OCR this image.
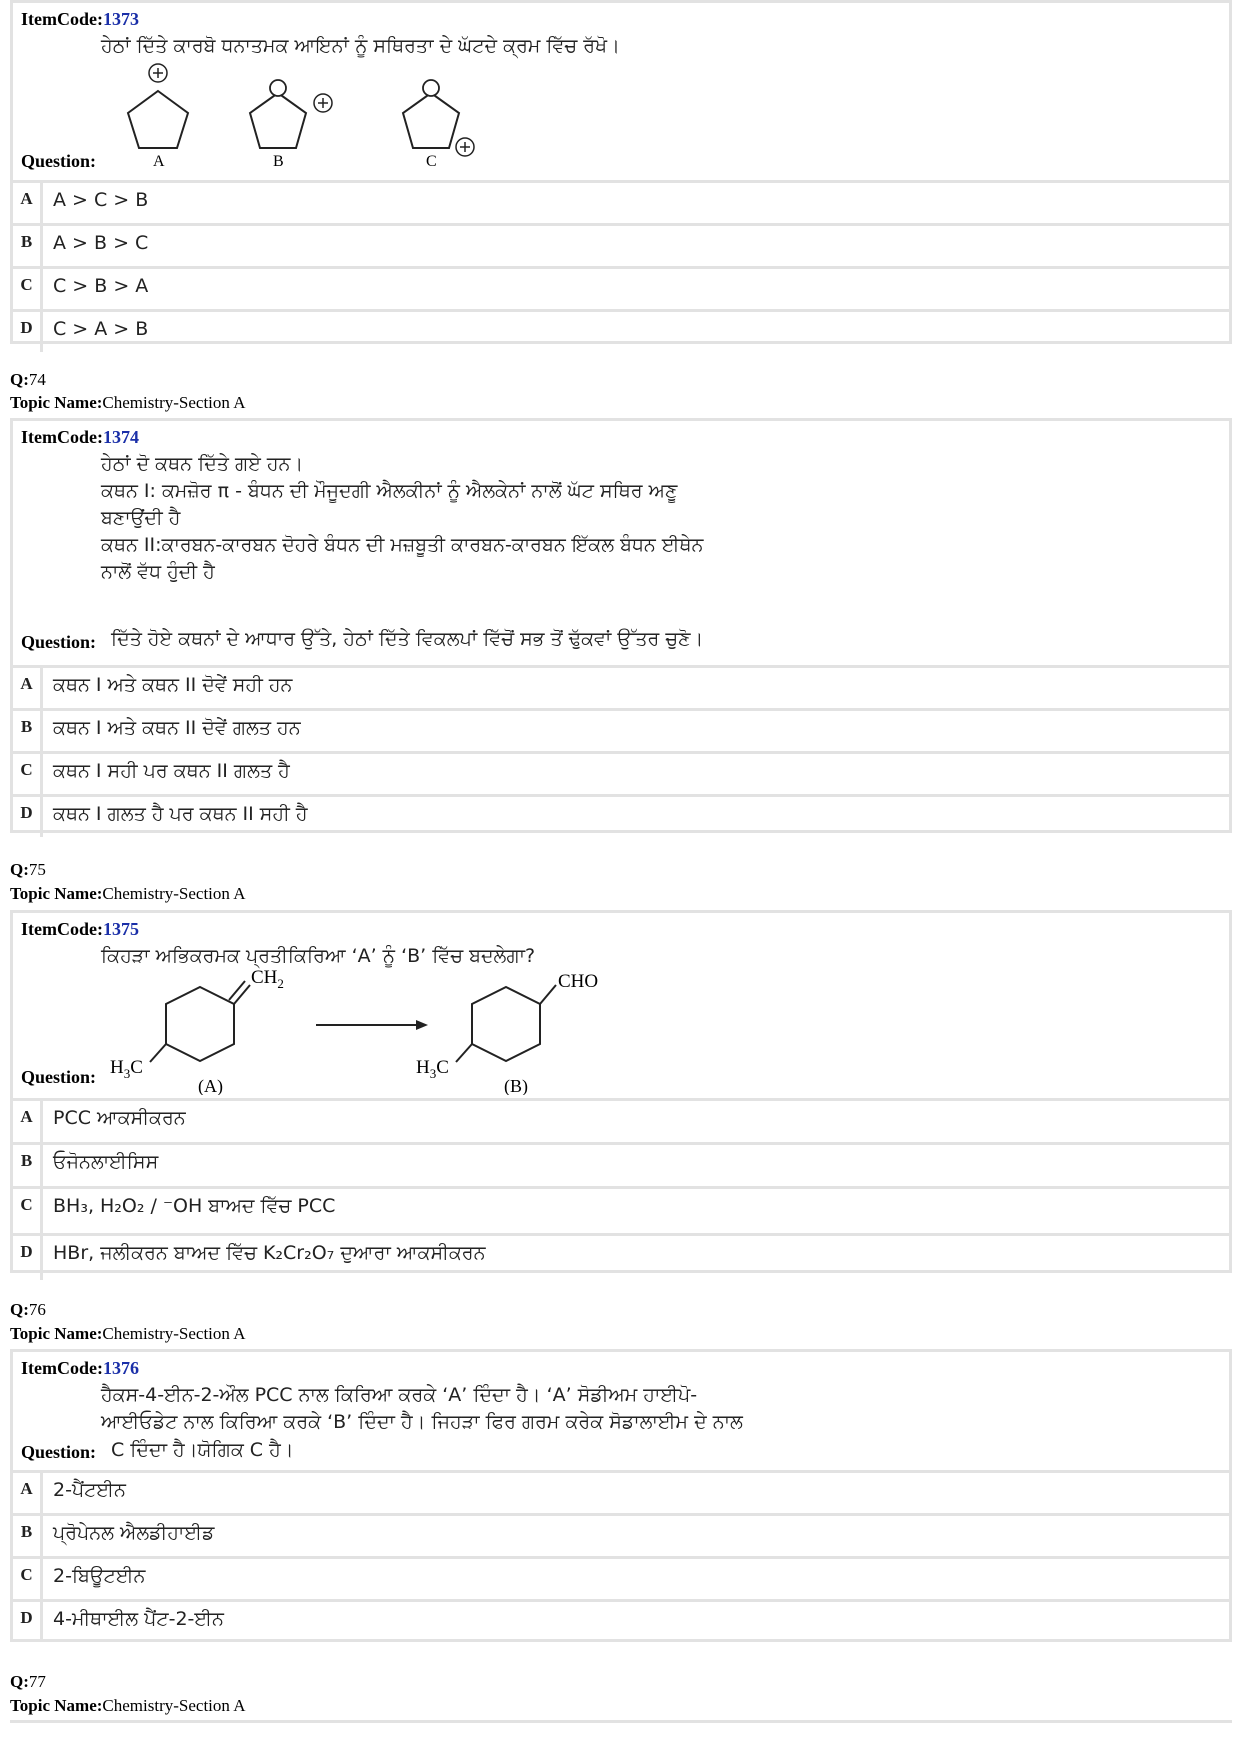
ItemCode:1373
ਹੇਠਾਂ ਦਿੱਤੇ ਕਾਰਬੋ ਧਨਾਤਮਕ ਆਇਨਾਂ ਨੂੰ ਸਥਿਰਤਾ ਦੇ ਘੱਟਦੇ ਕ੍ਰਮ ਵਿੱਚ ਰੱਖੋ।
A	B	C
Question:
A	A > C > B
B	A > B > C
C	C > B > A
D	C > A > B
Q:74
Topic Name:Chemistry-Section A
ItemCode:1374
ਹੇਠਾਂ ਦੋ ਕਥਨ ਦਿੱਤੇ ਗਏ ਹਨ।
ਕਥਨ I: ਕਮਜ਼ੋਰ π - ਬੰਧਨ ਦੀ ਮੌਜੂਦਗੀ ਐਲਕੀਨਾਂ ਨੂੰ ਐਲਕੇਨਾਂ ਨਾਲੋਂ ਘੱਟ ਸਥਿਰ ਅਣੂ
ਬਣਾਉਂਦੀ ਹੈ
ਕਥਨ II:ਕਾਰਬਨ-ਕਾਰਬਨ ਦੋਹਰੇ ਬੰਧਨ ਦੀ ਮਜ਼ਬੂਤੀ ਕਾਰਬਨ-ਕਾਰਬਨ ਇੱਕਲ ਬੰਧਨ ਈਥੇਨ
ਨਾਲੋਂ ਵੱਧ ਹੁੰਦੀ ਹੈ
Question: ਦਿੱਤੇ ਹੋਏ ਕਥਨਾਂ ਦੇ ਆਧਾਰ ਉੱਤੇ, ਹੇਠਾਂ ਦਿੱਤੇ ਵਿਕਲਪਾਂ ਵਿੱਚੋਂ ਸਭ ਤੋਂ ਢੁੱਕਵਾਂ ਉੱਤਰ ਚੁਣੋ।
A	ਕਥਨ I ਅਤੇ ਕਥਨ II ਦੋਵੇਂ ਸਹੀ ਹਨ
B	ਕਥਨ I ਅਤੇ ਕਥਨ II ਦੋਵੇਂ ਗਲਤ ਹਨ
C	ਕਥਨ I ਸਹੀ ਪਰ ਕਥਨ II ਗਲਤ ਹੈ
D	ਕਥਨ I ਗਲਤ ਹੈ ਪਰ ਕਥਨ II ਸਹੀ ਹੈ
Q:75
Topic Name:Chemistry-Section A
ItemCode:1375
ਕਿਹੜਾ ਅਭਿਕਰਮਕ ਪ੍ਰਤੀਕਿਰਿਆ ‘A’ ਨੂੰ ‘B’ ਵਿੱਚ ਬਦਲੇਗਾ?
$CH_2$
$H_3C$
(A)
CHO
$H_3C$
(B)
Question:
A	PCC ਆਕਸੀਕਰਨ
B	ਓਜੋਨਲਾਈਸਿਸ
C	BH₃, H₂O₂ / ⁻OH ਬਾਅਦ ਵਿੱਚ PCC
D	HBr, ਜਲੀਕਰਨ ਬਾਅਦ ਵਿੱਚ K₂Cr₂O₇ ਦੁਆਰਾ ਆਕਸੀਕਰਨ
Q:76
Topic Name:Chemistry-Section A
ItemCode:1376
ਹੈਕਸ-4-ਈਨ-2-ਔਲ PCC ਨਾਲ ਕਿਰਿਆ ਕਰਕੇ ‘A’ ਦਿੰਦਾ ਹੈ। ‘A’ ਸੋਡੀਅਮ ਹਾਈਪੋ-
ਆਈਓਡੇਟ ਨਾਲ ਕਿਰਿਆ ਕਰਕੇ ‘B’ ਦਿੰਦਾ ਹੈ। ਜਿਹੜਾ ਫਿਰ ਗਰਮ ਕਰੇਕ ਸੋਡਾਲਾਈਮ ਦੇ ਨਾਲ
Question: C ਦਿੰਦਾ ਹੈ।ਯੋਗਿਕ C ਹੈ।
A	2-ਪੈਂਟਈਨ
B	ਪ੍ਰੋਪੇਨਲ ਐਲਡੀਹਾਈਡ
C	2-ਬਿਊਟਈਨ
D	4-ਮੀਥਾਈਲ ਪੈਂਟ-2-ਈਨ
Q:77
Topic Name:Chemistry-Section A
